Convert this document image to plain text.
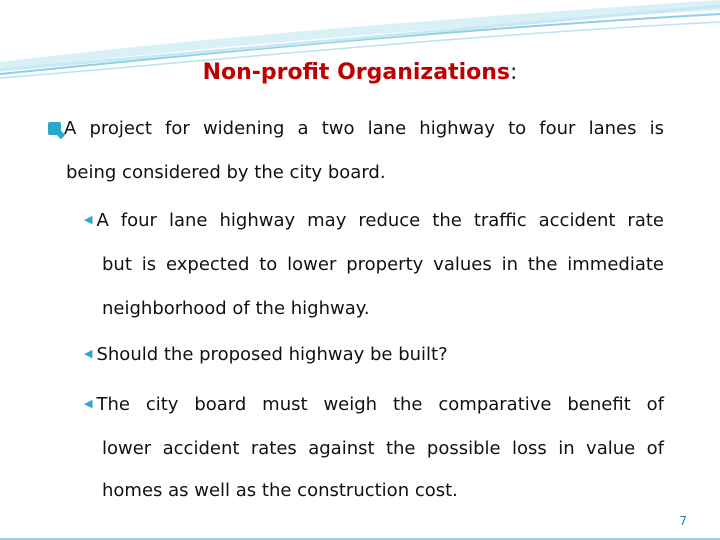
Non-profit Organizations:
A project for widening a two lane highway to four lanes is
being considered by the city board.
◀ A four lane highway may reduce the traffic accident rate
but is expected to lower property values in the immediate
neighborhood of the highway.
◀ Should the proposed highway be built?
◀ The city board must weigh the comparative benefit of
lower accident rates against the possible loss in value of
homes as well as the construction cost.
7
